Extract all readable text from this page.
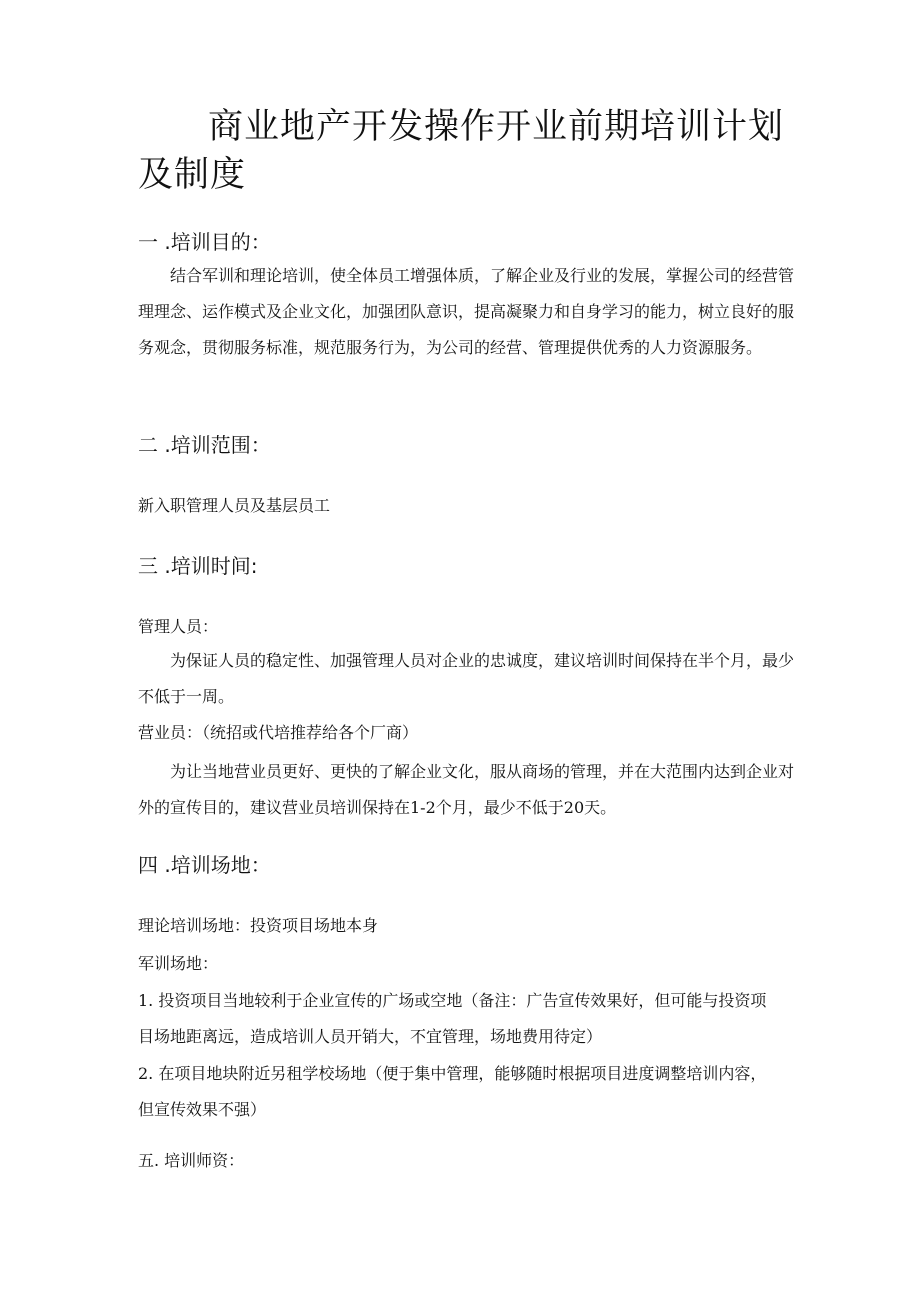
商业地产开发操作开业前期培训计划及制度
一 .培训目的：

结合军训和理论培训，使全体员工增强体质，了解企业及行业的发展，掌握公司的经营管理理念、运作模式及企业文化，加强团队意识，提高凝聚力和自身学习的能力，树立良好的服务观念，贯彻服务标准，规范服务行为，为公司的经营、管理提供优秀的人力资源服务。

二 .培训范围：

新入职管理人员及基层员工

三 .培训时间:

管理人员：

为保证人员的稳定性、加强管理人员对企业的忠诚度，建议培训时间保持在半个月，最少不低于一周。

营业员：（统招或代培推荐给各个厂商）

为让当地营业员更好、更快的了解企业文化，服从商场的管理，并在大范围内达到企业对外的宣传目的，建议营业员培训保持在1-2个月，最少不低于20天。

四 .培训场地：

理论培训场地：投资项目场地本身

军训场地：

1. 投资项目当地较利于企业宣传的广场或空地（备注：广告宣传效果好，但可能与投资项目场地距离远，造成培训人员开销大，不宜管理，场地费用待定）

2. 在项目地块附近另租学校场地（便于集中管理，能够随时根据项目进度调整培训内容，但宣传效果不强）

五. 培训师资：
